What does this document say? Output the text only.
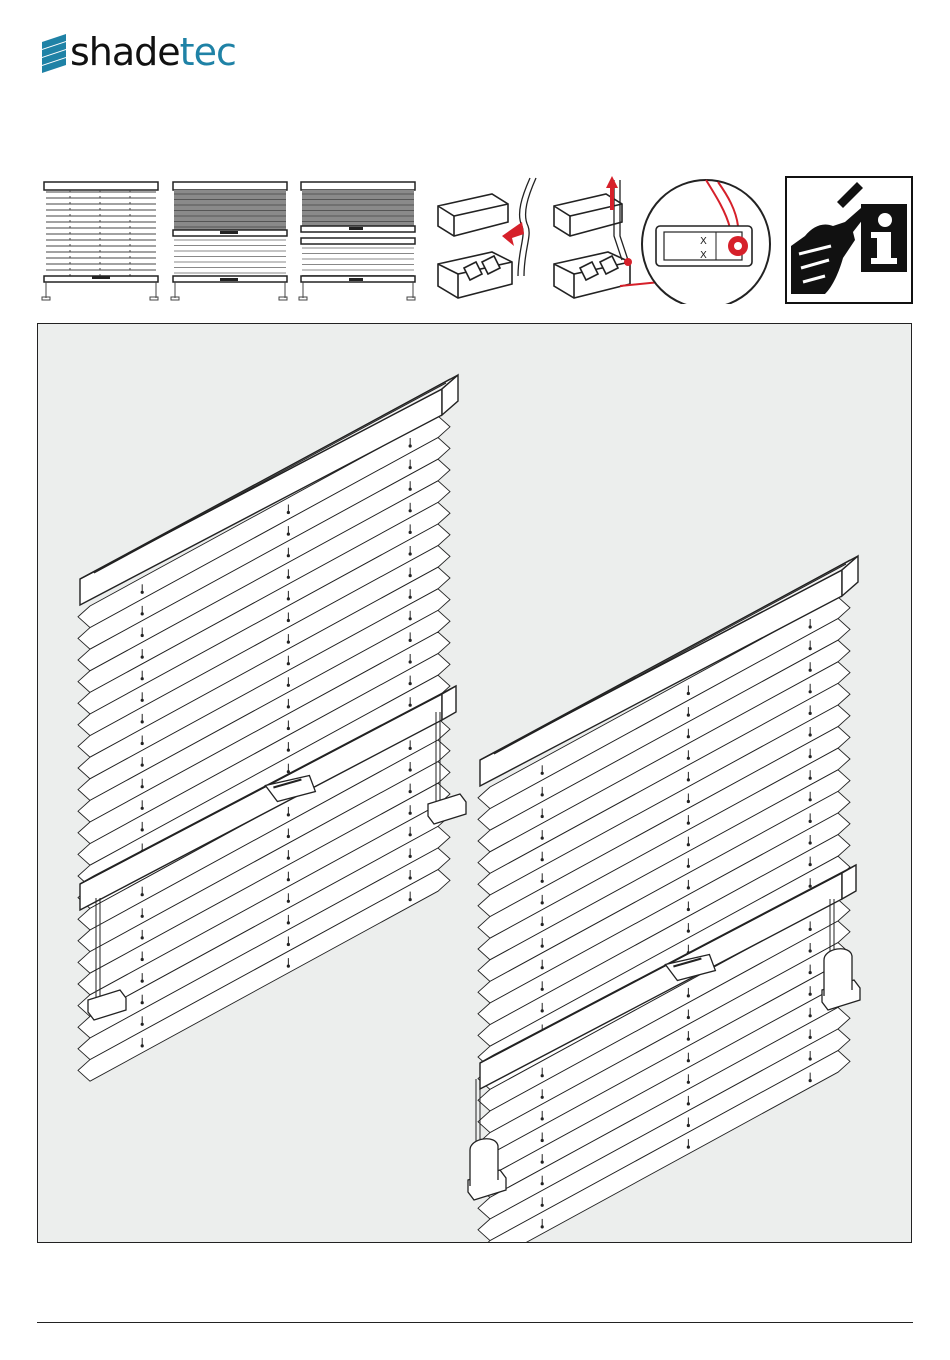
shadetec
X
X
